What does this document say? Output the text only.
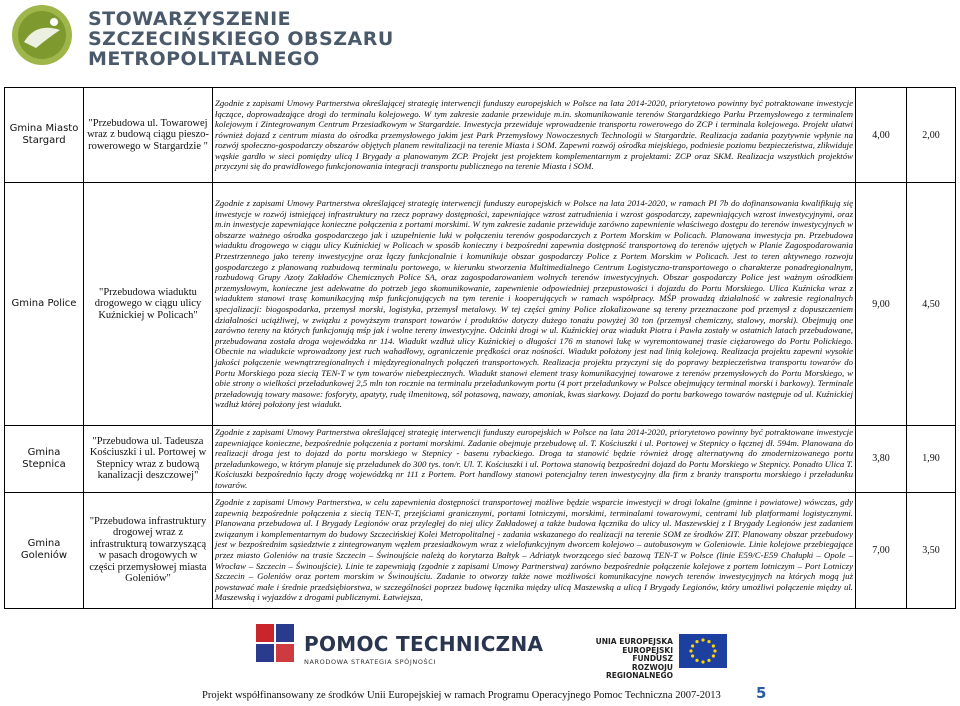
STOWARZYSZENIE
SZCZECIŃSKIEGO OBSZARU
METROPOLITALNEGO
Gmina Miasto Stargard	"Przebudowa ul. Towarowej wraz z budową ciągu pieszo-rowerowego w Stargardzie "	Zgodnie z zapisami Umowy Partnerstwa określającej strategię interwencji funduszy europejskich w Polsce na lata 2014-2020, priorytetowo powinny być potraktowane inwestycje łączące, doprowadzające drogi do terminalu kolejowego. W tym zakresie zadanie przewiduje m.in. skomunikowanie terenów Stargardzkiego Parku Przemysłowego z terminalem kolejowym i Zintegrowanym Centrum Przesiadkowym w Stargardzie. Inwestycja przewiduje wprowadzenie transportu rowerowego do ZCP i terminala kolejowego. Projekt ułatwi również dojazd z centrum miasta do ośrodka przemysłowego jakim jest Park Przemysłowy Nowoczesnych Technologii w Stargardzie. Realizacja zadania pozytywnie wpłynie na rozwój społeczno-gospodarczy obszarów objętych planem rewitalizacji na terenie Miasta i SOM. Zapewni rozwój ośrodka miejskiego, podniesie poziomu bezpieczeństwa, zlikwiduje wąskie gardło w sieci pomiędzy ulicą I Brygady a planowanym ZCP. Projekt jest projektem komplementarnym z projektami: ZCP oraz SKM. Realizacja wszystkich projektów przyczyni się do prawidłowego funkcjonowania integracji transportu publicznego na terenie Miasta i SOM.	4,00	2,00
Gmina Police	"Przebudowa wiaduktu drogowego w ciągu ulicy Kuźnickiej w Policach"	Zgodnie z zapisami Umowy Partnerstwa określającej strategię interwencji funduszy europejskich w Polsce na lata 2014-2020, w ramach PI 7b do dofinansowania kwalifikują się inwestycje w rozwój istniejącej infrastruktury na rzecz poprawy dostępności, zapewniające wzrost zatrudnienia i wzrost gospodarczy, zapewniających wzrost inwestycyjnymi, oraz m.in inwestycje zapewniające konieczne połączenia z portami morskimi. W tym zakresie zadanie przewiduje zarówno zapewnienie właściwego dostępu do terenów inwestycyjnych w obszarze ważnego ośrodka gospodarczego jak i uzupełnienie luki w połączeniu terenów gospodarczych z Portem Morskim w Policach. Planowana inwestycja pn. Przebudowa wiaduktu drogowego w ciągu ulicy Kuźnickiej w Policach w sposób konieczny i bezpośredni zapewnia dostępność transportową do terenów ujętych w Planie Zagospodarowania Przestrzennego jako tereny inwestycyjne oraz łączy funkcjonalnie i komunikuje obszar gospodarczy Police z Portem Morskim w Policach. Jest to teren aktywnego rozwoju gospodarczego z planowaną rozbudową terminalu portowego, w kierunku stworzenia Multimedialnego Centrum Logistyczno-transportowego o charakterze ponadregionalnym, rozbudową Grupy Azoty Zakładów Chemicznych Police SA, oraz zagospodarowaniem wolnych terenów inwestycyjnych. Obszar gospodarczy Police jest ważnym ośrodkiem przemysłowym, konieczne jest adekwatne do potrzeb jego skomunikowanie, zapewnienie odpowiedniej przepustowości i dojazdu do Portu Morskiego. Ulica Kuźnicka wraz z wiaduktem stanowi trasę komunikacyjną mśp funkcjonujących na tym terenie i kooperujących w ramach współpracy. MŚP prowadzą działalność w zakresie regionalnych specjalizacji: biogospodarka, przemysł morski, logistyka, przemysł metalowy. W tej części gminy Police zlokalizowane są tereny przeznaczone pod przemysł z dopuszczeniem działalności uciążliwej, w związku z powyższym transport towarów i produktów dotyczy dużego tonażu powyżej 30 ton (przemysł chemiczny, stalowy, morski). Obejmują one zarówno tereny na których funkcjonują mśp jak i wolne tereny inwestycyjne. Odcinki drogi w ul. Kuźnickiej oraz wiadukt Piotra i Pawła zostały w ostatnich latach przebudowane, przebudowana została droga wojewódzka nr 114. Wiadukt wzdłuż ulicy Kuźnickiej o długości 176 m stanowi lukę w wyremontowanej trasie ciężarowego do Portu Polickiego. Obecnie na wiadukcie wprowadzony jest ruch wahadłowy, ograniczenie prędkości oraz nośności. Wiadukt położony jest nad linią kolejową. Realizacja projektu zapewni wysokie jakości połączenie wewnątrzregionalnych i międzyregionalnych połączeń transportowych. Realizacja projektu przyczyni się do poprawy bezpieczeństwa transportu towarów do Portu Morskiego poza siecią TEN-T w tym towarów niebezpiecznych. Wiadukt stanowi element trasy komunikacyjnej towarowe z terenów przemysłowych do Portu Morskiego, w obie strony o wielkości przeładunkowej 2,5 mln ton rocznie na terminalu przeładunkowym portu (4 port przeładunkowy w Polsce obejmujący terminal morski i barkowy). Terminale przeładowują towary masowe: fosforyty, apatyty, rudę ilmenitową, sól potasową, nawozy, amoniak, kwas siarkowy. Dojazd do portu barkowego towarów następuje od ul. Kuźnickiej wzdłuż której położony jest wiadukt.	9,00	4,50
Gmina Stepnica	"Przebudowa ul. Tadeusza Kościuszki i ul. Portowej w Stepnicy wraz z budową kanalizacji deszczowej"	Zgodnie z zapisami Umowy Partnerstwa określającej strategię interwencji funduszy europejskich w Polsce na lata 2014-2020, priorytetowo powinny być potraktowane inwestycje zapewniające konieczne, bezpośrednie połączenia z portami morskimi. Zadanie obejmuje przebudowę ul. T. Kościuszki i ul. Portowej w Stepnicy o łącznej dł. 594m. Planowana do realizacji droga jest to dojazd do portu morskiego w Stepnicy - basenu rybackiego. Droga ta stanowić będzie również drogę alternatywną do zmodernizowanego portu przeładunkowego, w którym planuje się przeładunek do 300 tys. ton/r. Ul. T. Kościuszki i ul. Portowa stanowią bezpośredni dojazd do Portu Morskiego w Stepnicy. Ponadto Ulica T. Kościuszki bezpośrednio łączy drogę wojewódzką nr 111 z Portem. Port handlowy stanowi potencjalny teren inwestycyjny dla firm z branży transportu morskiego i przeładunku towarów.	3,80	1,90
Gmina Goleniów	"Przebudowa infrastruktury drogowej wraz z infrastrukturą towarzyszącą w pasach drogowych w części przemysłowej miasta Goleniów"	Zgodnie z zapisami Umowy Partnerstwa, w celu zapewnienia dostępności transportowej możliwe będzie wsparcie inwestycji w drogi lokalne (gminne i powiatowe) wówczas, gdy zapewnią bezpośrednie połączenia z siecią TEN-T, przejściami granicznymi, portami lotniczymi, morskimi, terminalami towarowymi, centrami lub platformami logistycznymi. Planowana przebudowa ul. I Brygady Legionów oraz przyległej do niej ulicy Zakładowej a także budowa łącznika do ulicy ul. Maszewskiej z I Brygady Legionów jest zadaniem związanym i komplementarnym do budowy Szczecińskiej Kolei Metropolitalnej - zadania wskazanego do realizacji na terenie SOM ze środków ZIT. Planowany obszar przebudowy jest w bezpośrednim sąsiedztwie z zintegrowanym węzłem przesiadkowym wraz z wielofunkcyjnym dworcem kolejowo – autobusowym w Goleniowie. Linie kolejowe przebiegające przez miasto Goleniów na trasie Szczecin – Świnoujście należą do korytarza Bałtyk – Adriatyk tworzącego sieć bazową TEN-T w Polsce (linie E59/C-E59 Chałupki – Opole – Wrocław – Szczecin – Świnoujście). Linie te zapewniają (zgodnie z zapisami Umowy Partnerstwa) zarówno bezpośrednie połączenie kolejowe z portem lotniczym – Port Lotniczy Szczecin – Goleniów oraz portem morskim w Świnoujściu. Zadanie to otworzy także nowe możliwości komunikacyjne nowych terenów inwestycyjnych na których mogą już powstawać małe i średnie przedsiębiorstwa, w szczególności poprzez budowę łącznika między ulicą Maszewską a ulicą I Brygady Legionów, który umożliwi połączenie między ul. Maszewską i wyjazdów z drogami publicznymi. Łatwiejsza,	7,00	3,50
POMOC TECHNICZNA
NARODOWA STRATEGIA SPÓJNOŚCI
UNIA EUROPEJSKA
EUROPEJSKI FUNDUSZ
ROZWOJU REGIONALNEGO
Projekt współfinansowany ze środków Unii Europejskiej w ramach Programu Operacyjnego Pomoc Techniczna 2007-2013 5
